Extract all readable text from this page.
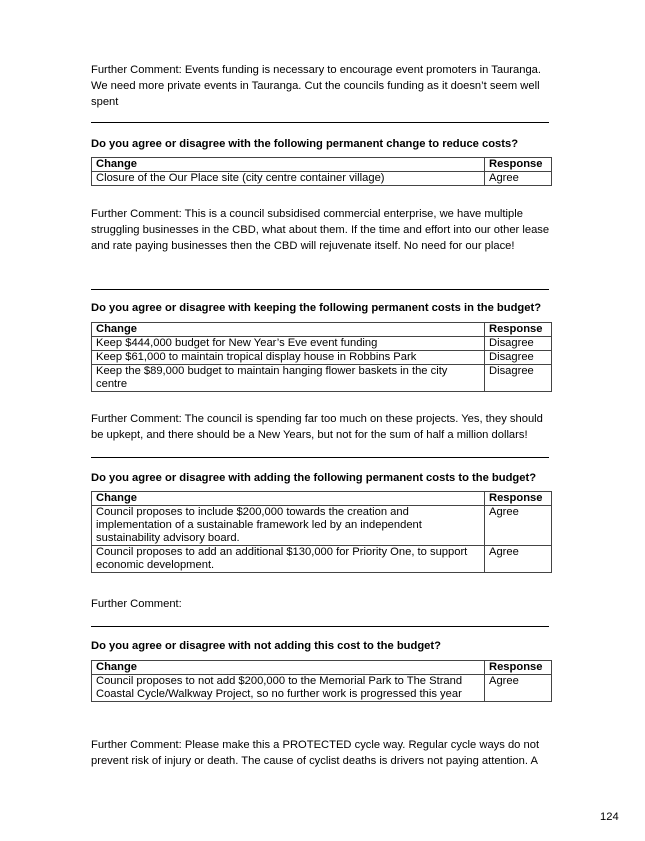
Further Comment: Events funding is necessary to encourage event promoters in Tauranga. We need more private events in Tauranga. Cut the councils funding as it doesn’t seem well spent

Do you agree or disagree with the following permanent change to reduce costs?

Change	Response
Closure of the Our Place site (city centre container village)	Agree

Further Comment: This is a council subsidised commercial enterprise, we have multiple struggling businesses in the CBD, what about them. If the time and effort into our other lease and rate paying businesses then the CBD will rejuvenate itself. No need for our place!

Do you agree or disagree with keeping the following permanent costs in the budget?

Change	Response
Keep $444,000 budget for New Year’s Eve event funding	Disagree
Keep $61,000 to maintain tropical display house in Robbins Park	Disagree
Keep the $89,000 budget to maintain hanging flower baskets in the city centre	Disagree

Further Comment: The council is spending far too much on these projects. Yes, they should be upkept, and there should be a New Years, but not for the sum of half a million dollars!

Do you agree or disagree with adding the following permanent costs to the budget?

Change	Response
Council proposes to include $200,000 towards the creation and implementation of a sustainable framework led by an independent sustainability advisory board.	Agree
Council proposes to add an additional $130,000 for Priority One, to support economic development.	Agree

Further Comment:

Do you agree or disagree with not adding this cost to the budget?

Change	Response
Council proposes to not add $200,000 to the Memorial Park to The Strand Coastal Cycle/Walkway Project, so no further work is progressed this year	Agree

Further Comment: Please make this a PROTECTED cycle way. Regular cycle ways do not prevent risk of injury or death. The cause of cyclist deaths is drivers not paying attention. A

124
